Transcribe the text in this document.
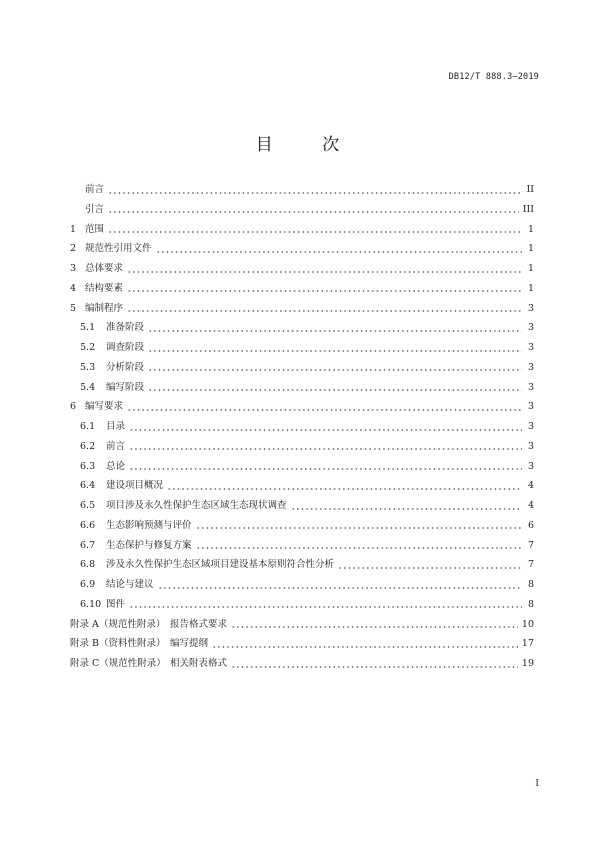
DB12/T 888.3—2019
目 次
前言	II
引言	III
1 范围	1
2 规范性引用文件	1
3 总体要求	1
4 结构要素	1
5 编制程序	3
5.1	准备阶段	3
5.2	调查阶段	3
5.3	分析阶段	3
5.4	编写阶段	3
6 编写要求	3
6.1	目录	3
6.2	前言	3
6.3	总论	3
6.4	建设项目概况	4
6.5	项目涉及永久性保护生态区域生态现状调查	4
6.6	生态影响预测与评价	6
6.7	生态保护与修复方案	7
6.8	涉及永久性保护生态区域项目建设基本原则符合性分析	7
6.9	结论与建议	8
6.10 图件	8
附录 A（规范性附录） 报告格式要求	10
附录 B（资料性附录） 编写提纲	17
附录 C（规范性附录） 相关附表格式	19
I
